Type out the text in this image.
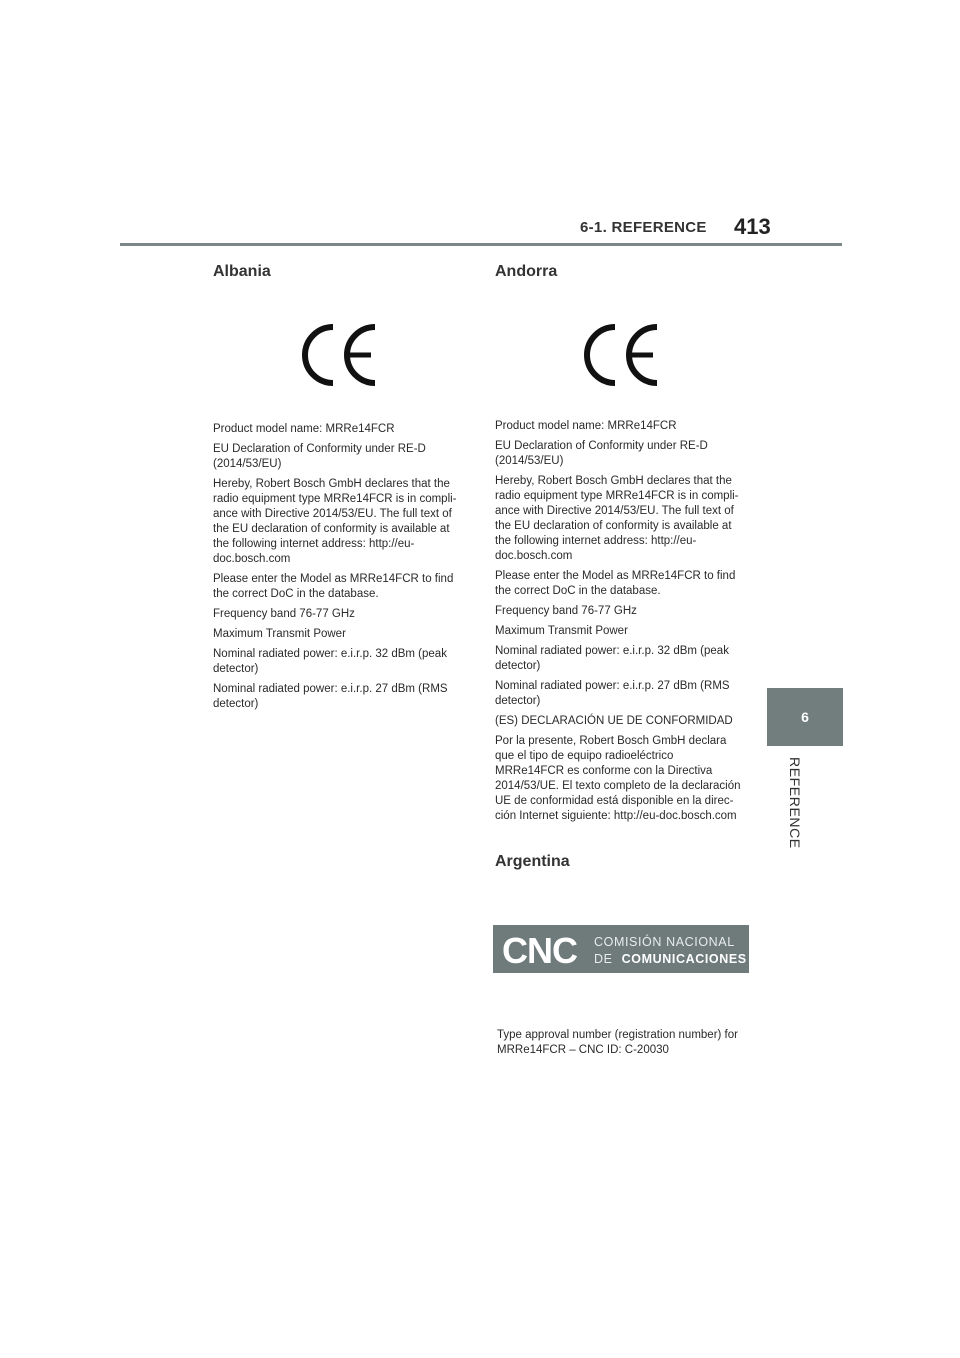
6-1. REFERENCE 413
6
REFERENCE
Albania

Product model name: MRRe14FCR

EU Declaration of Conformity under RE-D (2014/53/EU)

Hereby, Robert Bosch GmbH declares that the radio equipment type MRRe14FCR is in compli-ance with Directive 2014/53/EU. The full text of the EU declaration of conformity is available at the following internet address: http://eu-doc.bosch.com

Please enter the Model as MRRe14FCR to find the correct DoC in the database.

Frequency band 76-77 GHz

Maximum Transmit Power

Nominal radiated power: e.i.r.p. 32 dBm (peak detector)

Nominal radiated power: e.i.r.p. 27 dBm (RMS detector)

Andorra

Product model name: MRRe14FCR

EU Declaration of Conformity under RE-D (2014/53/EU)

Hereby, Robert Bosch GmbH declares that the radio equipment type MRRe14FCR is in compli-ance with Directive 2014/53/EU. The full text of the EU declaration of conformity is available at the following internet address: http://eu-doc.bosch.com

Please enter the Model as MRRe14FCR to find the correct DoC in the database.

Frequency band 76-77 GHz

Maximum Transmit Power

Nominal radiated power: e.i.r.p. 32 dBm (peak detector)

Nominal radiated power: e.i.r.p. 27 dBm (RMS detector)

(ES) DECLARACIÓN UE DE CONFORMIDAD

Por la presente, Robert Bosch GmbH declara que el tipo de equipo radioeléctrico MRRe14FCR es conforme con la Directiva 2014/53/UE. El texto completo de la declaración UE de conformidad está disponible en la direc-ción Internet siguiente: http://eu-doc.bosch.com

Argentina
CNC COMISIÓN NACIONAL
DE COMUNICACIONES

Type approval number (registration number) for MRRe14FCR – CNC ID: C-20030
